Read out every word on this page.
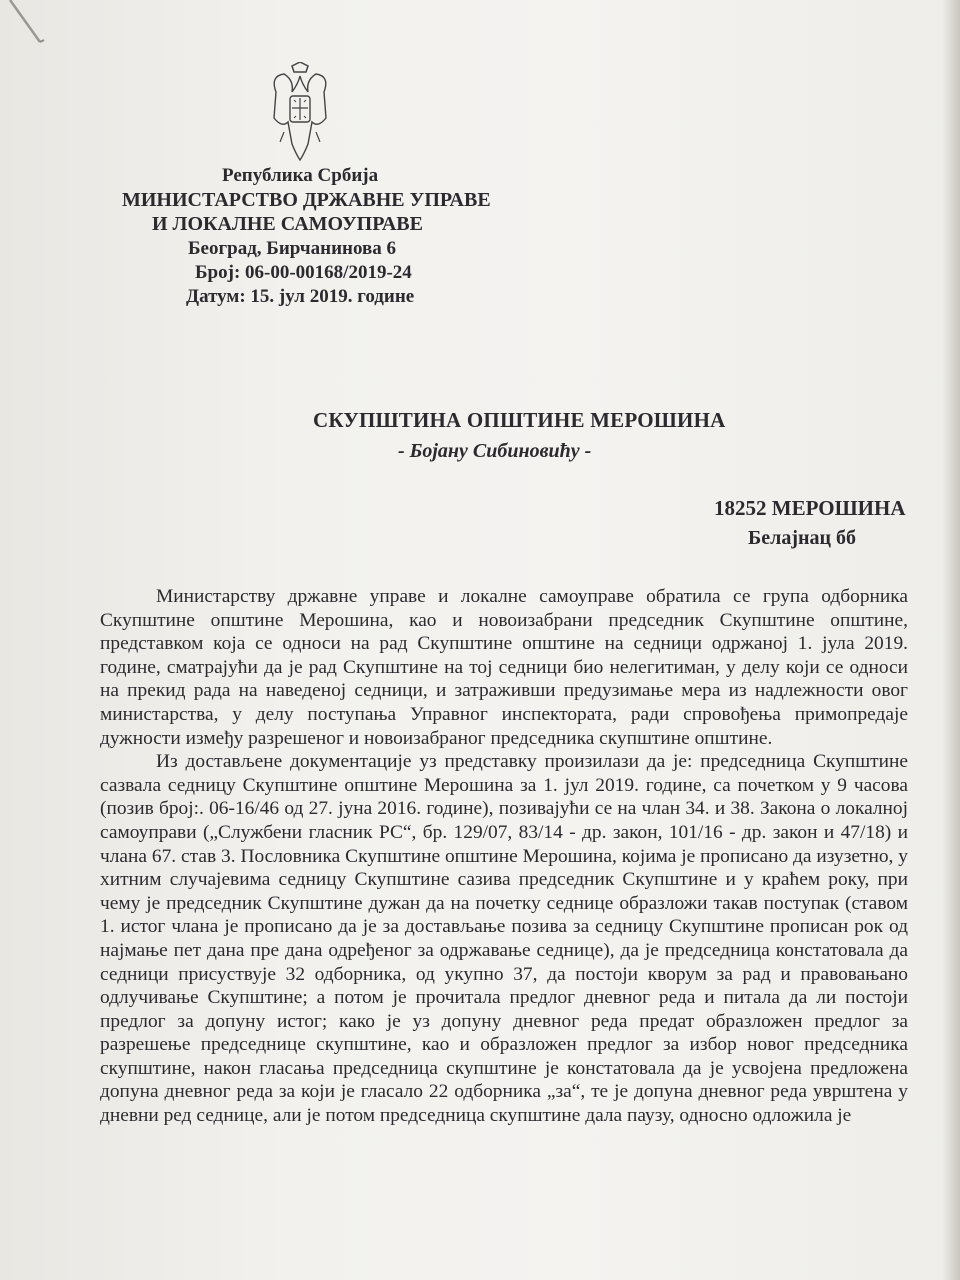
Република Србија
МИНИСТАРСТВО ДРЖАВНЕ УПРАВЕ
И ЛОКАЛНЕ САМОУПРАВЕ
Београд, Бирчанинова 6
Број: 06-00-00168/2019-24
Датум: 15. јул 2019. године
СКУПШТИНА ОПШТИНЕ МЕРОШИНА
- Бојану Сибиновићу -
18252 МЕРОШИНА
Белајнац бб

Министарству државне управе и локалне самоуправе обратила се група одборника Скупштине општине Мерошина, као и новоизабрани председник Скупштине општине, представком која се односи на рад Скупштине општине на седници одржаној 1. јула 2019. године, сматрајући да је рад Скупштине на тој седници био нелегитиман, у делу који се односи на прекид рада на наведеној седници, и затраживши предузимање мера из надлежности овог министарства, у делу поступања Управног инспектората, ради спровођења примопредаје дужности између разрешеног и новоизабраног председника скупштине општине.

Из достављене документације уз представку произилази да је: председница Скупштине сазвала седницу Скупштине општине Мерошина за 1. јул 2019. године, са почетком у 9 часова (позив број:. 06-16/46 од 27. јуна 2016. године), позивајући се на члан 34. и 38. Закона о локалној самоуправи („Службени гласник РС“, бр. 129/07, 83/14 - др. закон, 101/16 - др. закон и 47/18) и члана 67. став 3. Пословника Скупштине општине Мерошина, којима је прописано да изузетно, у хитним случајевима седницу Скупштине сазива председник Скупштине и у краћем року, при чему је председник Скупштине дужан да на почетку седнице образложи такав поступак (ставом 1. истог члана је прописано да је за достављање позива за седницу Скупштине прописан рок од најмање пет дана пре дана одређеног за одржавање седнице), да је председница констатовала да седници присуствује 32 одборника, од укупно 37, да постоји кворум за рад и правовањано одлучивање Скупштине; а потом је прочитала предлог дневног реда и питала да ли постоји предлог за допуну истог; како је уз допуну дневног реда предат образложен предлог за разрешење председнице скупштине, као и образложен предлог за избор новог председника скупштине, након гласања председница скупштине је констатовала да је усвојена предложена допуна дневног реда за који је гласало 22 одборника „за“, те је допуна дневног реда уврштена у дневни ред седнице, али је потом председница скупштине дала паузу, односно одложила је
